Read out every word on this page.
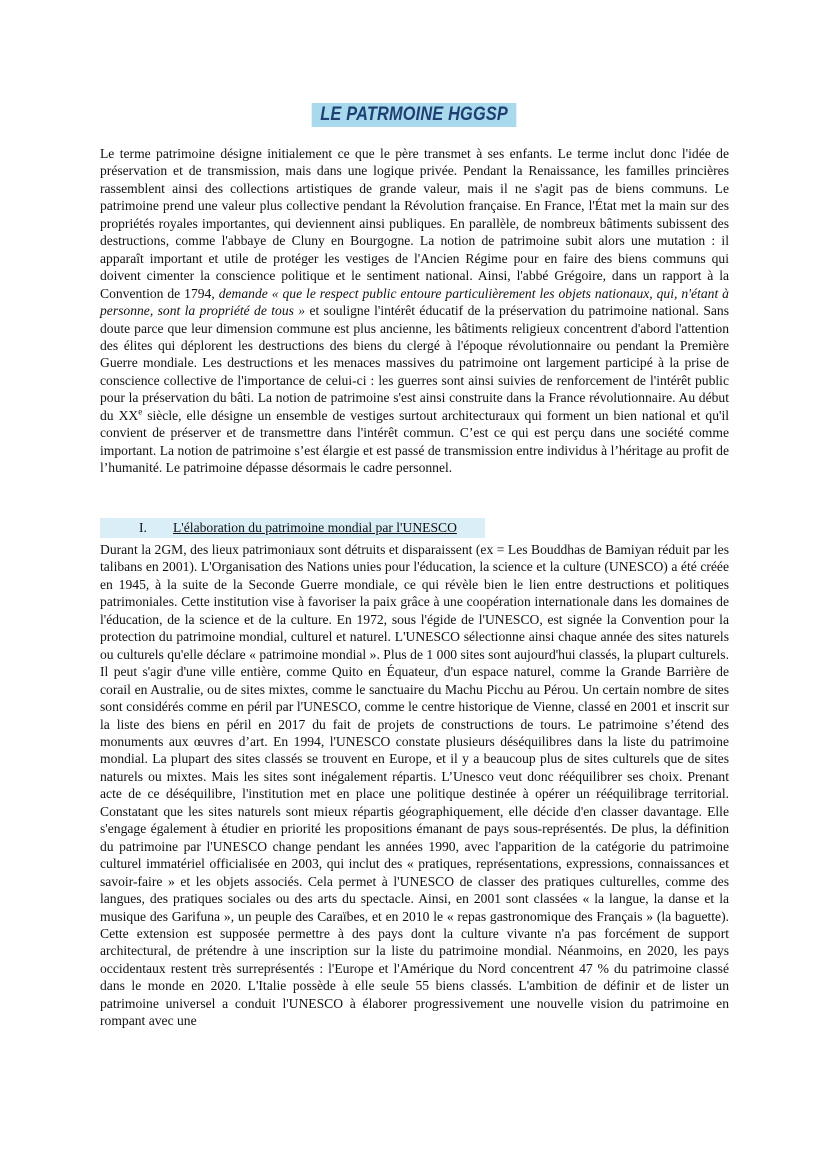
LE PATRMOINE HGGSP

Le terme patrimoine désigne initialement ce que le père transmet à ses enfants. Le terme inclut donc l'idée de préservation et de transmission, mais dans une logique privée. Pendant la Renaissance, les familles princières rassemblent ainsi des collections artistiques de grande valeur, mais il ne s'agit pas de biens communs. Le patrimoine prend une valeur plus collective pendant la Révolution française. En France, l'État met la main sur des propriétés royales importantes, qui deviennent ainsi publiques. En parallèle, de nombreux bâtiments subissent des destructions, comme l'abbaye de Cluny en Bourgogne. La notion de patrimoine subit alors une mutation : il apparaît important et utile de protéger les vestiges de l'Ancien Régime pour en faire des biens communs qui doivent cimenter la conscience politique et le sentiment national. Ainsi, l'abbé Grégoire, dans un rapport à la Convention de 1794, demande « que le respect public entoure particulièrement les objets nationaux, qui, n'étant à personne, sont la propriété de tous » et souligne l'intérêt éducatif de la préservation du patrimoine national. Sans doute parce que leur dimension commune est plus ancienne, les bâtiments religieux concentrent d'abord l'attention des élites qui déplorent les destructions des biens du clergé à l'époque révolutionnaire ou pendant la Première Guerre mondiale. Les destructions et les menaces massives du patrimoine ont largement participé à la prise de conscience collective de l'importance de celui-ci : les guerres sont ainsi suivies de renforcement de l'intérêt public pour la préservation du bâti. La notion de patrimoine s'est ainsi construite dans la France révolutionnaire. Au début du XXe siècle, elle désigne un ensemble de vestiges surtout architecturaux qui forment un bien national et qu'il convient de préserver et de transmettre dans l'intérêt commun. C’est ce qui est perçu dans une société comme important. La notion de patrimoine s’est élargie et est passé de transmission entre individus à l’héritage au profit de l’humanité. Le patrimoine dépasse désormais le cadre personnel.

I. L'élaboration du patrimoine mondial par l'UNESCO

Durant la 2GM, des lieux patrimoniaux sont détruits et disparaissent (ex = Les Bouddhas de Bamiyan réduit par les talibans en 2001). L'Organisation des Nations unies pour l'éducation, la science et la culture (UNESCO) a été créée en 1945, à la suite de la Seconde Guerre mondiale, ce qui révèle bien le lien entre destructions et politiques patrimoniales. Cette institution vise à favoriser la paix grâce à une coopération internationale dans les domaines de l'éducation, de la science et de la culture. En 1972, sous l'égide de l'UNESCO, est signée la Convention pour la protection du patrimoine mondial, culturel et naturel. L'UNESCO sélectionne ainsi chaque année des sites naturels ou culturels qu'elle déclare « patrimoine mondial ». Plus de 1 000 sites sont aujourd'hui classés, la plupart culturels. Il peut s'agir d'une ville entière, comme Quito en Équateur, d'un espace naturel, comme la Grande Barrière de corail en Australie, ou de sites mixtes, comme le sanctuaire du Machu Picchu au Pérou. Un certain nombre de sites sont considérés comme en péril par l'UNESCO, comme le centre historique de Vienne, classé en 2001 et inscrit sur la liste des biens en péril en 2017 du fait de projets de constructions de tours. Le patrimoine s’étend des monuments aux œuvres d’art. En 1994, l'UNESCO constate plusieurs déséquilibres dans la liste du patrimoine mondial. La plupart des sites classés se trouvent en Europe, et il y a beaucoup plus de sites culturels que de sites naturels ou mixtes. Mais les sites sont inégalement répartis. L’Unesco veut donc rééquilibrer ses choix. Prenant acte de ce déséquilibre, l'institution met en place une politique destinée à opérer un rééquilibrage territorial. Constatant que les sites naturels sont mieux répartis géographiquement, elle décide d'en classer davantage. Elle s'engage également à étudier en priorité les propositions émanant de pays sous-représentés. De plus, la définition du patrimoine par l'UNESCO change pendant les années 1990, avec l'apparition de la catégorie du patrimoine culturel immatériel officialisée en 2003, qui inclut des « pratiques, représentations, expressions, connaissances et savoir-faire » et les objets associés. Cela permet à l'UNESCO de classer des pratiques culturelles, comme des langues, des pratiques sociales ou des arts du spectacle. Ainsi, en 2001 sont classées « la langue, la danse et la musique des Garifuna », un peuple des Caraïbes, et en 2010 le « repas gastronomique des Français » (la baguette). Cette extension est supposée permettre à des pays dont la culture vivante n'a pas forcément de support architectural, de prétendre à une inscription sur la liste du patrimoine mondial. Néanmoins, en 2020, les pays occidentaux restent très surreprésentés : l'Europe et l'Amérique du Nord concentrent 47 % du patrimoine classé dans le monde en 2020. L'Italie possède à elle seule 55 biens classés. L'ambition de définir et de lister un patrimoine universel a conduit l'UNESCO à élaborer progressivement une nouvelle vision du patrimoine en rompant avec une
